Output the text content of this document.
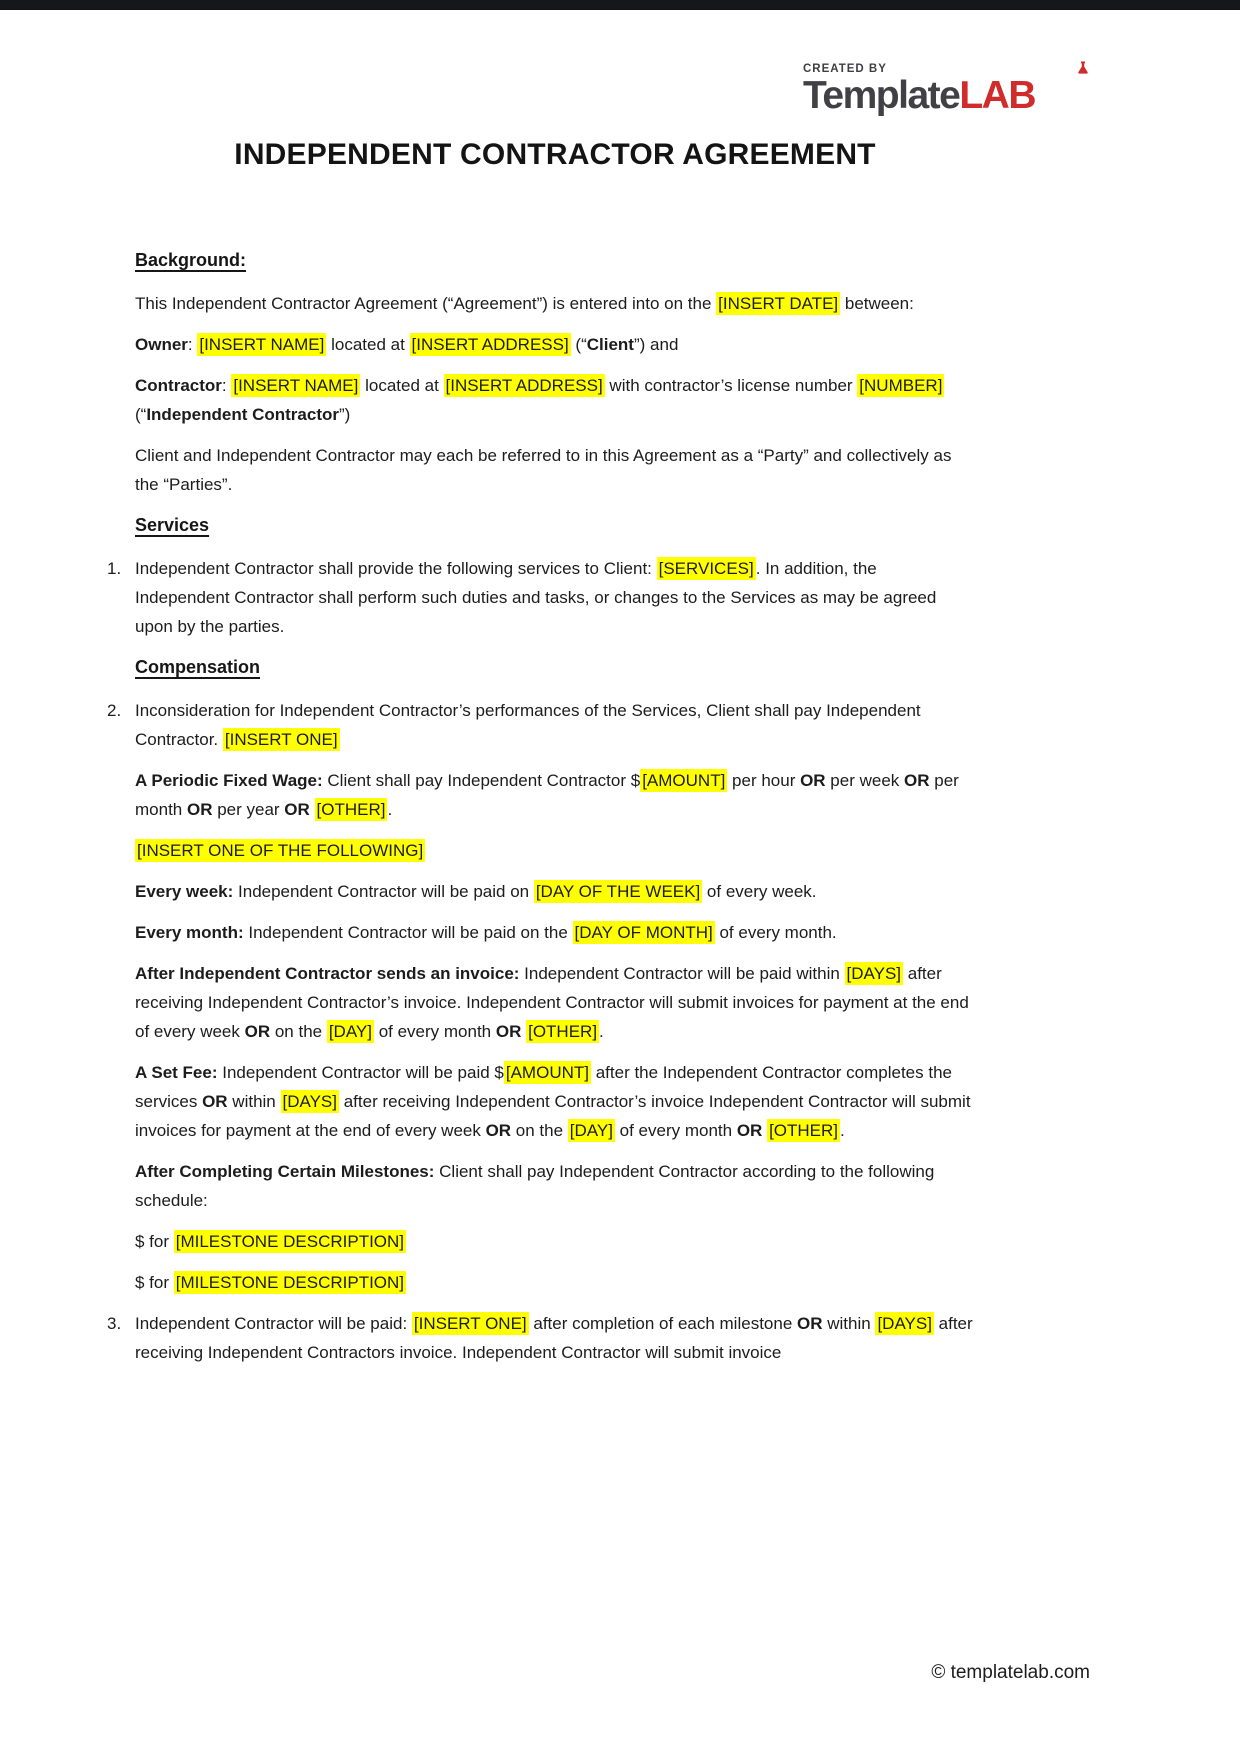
CREATED BY
TemplateLAB
INDEPENDENT CONTRACTOR AGREEMENT
Background:

This Independent Contractor Agreement (“Agreement”) is entered into on the [INSERT DATE] between:

Owner: [INSERT NAME] located at [INSERT ADDRESS] (“Client”) and

Contractor: [INSERT NAME] located at [INSERT ADDRESS] with contractor’s license number [NUMBER] (“Independent Contractor”)

Client and Independent Contractor may each be referred to in this Agreement as a “Party” and collectively as the “Parties”.

Services
1. Independent Contractor shall provide the following services to Client: [SERVICES] . In addition, the Independent Contractor shall perform such duties and tasks, or changes to the Services as may be agreed upon by the parties.
Compensation
2. Inconsideration for Independent Contractor’s performances of the Services, Client shall pay Independent Contractor. [INSERT ONE]

A Periodic Fixed Wage: Client shall pay Independent Contractor $ [AMOUNT] per hour OR per week OR per month OR per year OR [OTHER] .

[INSERT ONE OF THE FOLLOWING]

Every week: Independent Contractor will be paid on [DAY OF THE WEEK] of every week.

Every month: Independent Contractor will be paid on the [DAY OF MONTH] of every month.

After Independent Contractor sends an invoice: Independent Contractor will be paid within [DAYS] after receiving Independent Contractor’s invoice. Independent Contractor will submit invoices for payment at the end of every week OR on the [DAY] of every month OR [OTHER] .

A Set Fee: Independent Contractor will be paid $ [AMOUNT] after the Independent Contractor completes the services OR within [DAYS] after receiving Independent Contractor’s invoice Independent Contractor will submit invoices for payment at the end of every week OR on the [DAY] of every month OR [OTHER] .

After Completing Certain Milestones: Client shall pay Independent Contractor according to the following schedule:

$ for [MILESTONE DESCRIPTION]

$ for [MILESTONE DESCRIPTION]

3. Independent Contractor will be paid: [INSERT ONE] after completion of each milestone OR within [DAYS] after receiving Independent Contractors invoice. Independent Contractor will submit invoice
© templatelab.com
